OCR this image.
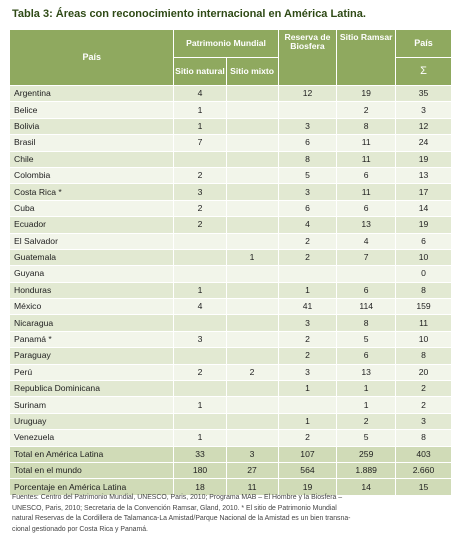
Tabla 3: Áreas con reconocimiento internacional en América Latina.
País	Patrimonio Mundial		Reserva de Biosfera	Sitio Ramsar	País
	Sitio natural	Sitio mixto			Σ
Argentina	4		12	19	35
Belice	1			2	3
Bolivia	1		3	8	12
Brasil	7		6	11	24
Chile			8	11	19
Colombia	2		5	6	13
Costa Rica *	3		3	11	17
Cuba	2		6	6	14
Ecuador	2		4	13	19
El Salvador			2	4	6
Guatemala		1	2	7	10
Guyana					0
Honduras	1		1	6	8
México	4		41	114	159
Nicaragua			3	8	11
Panamá *	3		2	5	10
Paraguay			2	6	8
Perú	2	2	3	13	20
Republica Dominicana			1	1	2
Surinam	1			1	2
Uruguay			1	2	3
Venezuela	1		2	5	8
Total en América Latina	33	3	107	259	403
Total en el mundo	180	27	564	1.889	2.660
Porcentaje en América Latina	18	11	19	14	15
Fuentes: Centro del Patrimonio Mundial, UNESCO, Paris, 2010; Programa MAB – El Hombre y la Biosfera –
UNESCO, Paris, 2010; Secretaria de la Convención Ramsar, Gland, 2010. * El sitio de Patrimonio Mundial
natural Reservas de la Cordillera de Talamanca-La Amistad/Parque Nacional de la Amistad es un bien transna-
cional gestionado por Costa Rica y Panamá.
